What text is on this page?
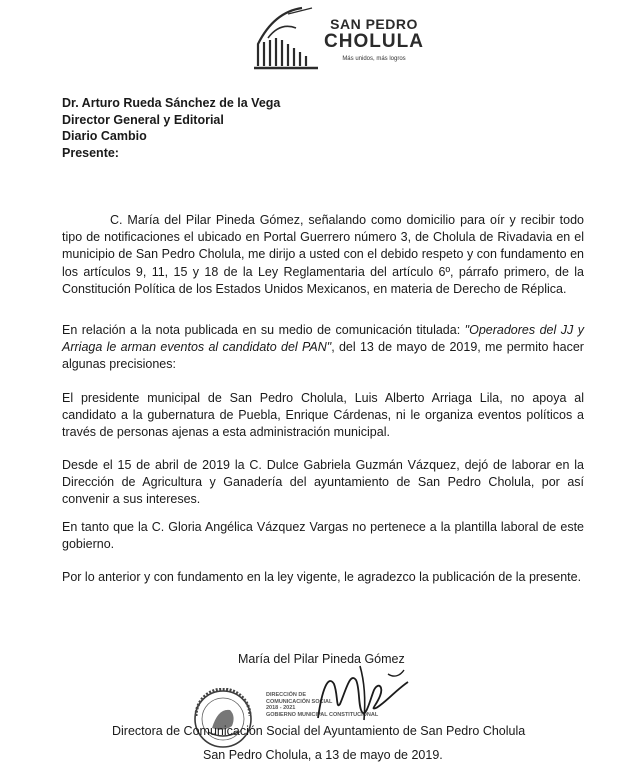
SAN PEDRO
CHOLULA
Más unidos, más logros
Dr. Arturo Rueda Sánchez de la Vega
Director General y Editorial
Diario Cambio
Presente:

C. María del Pilar Pineda Gómez, señalando como domicilio para oír y recibir todo tipo de notificaciones el ubicado en Portal Guerrero número 3, de Cholula de Rivadavia en el municipio de San Pedro Cholula, me dirijo a usted con el debido respeto y con fundamento en los artículos 9, 11, 15 y 18 de la Ley Reglamentaria del artículo 6º, párrafo primero, de la Constitución Política de los Estados Unidos Mexicanos, en materia de Derecho de Réplica.

En relación a la nota publicada en su medio de comunicación titulada: "Operadores del JJ y Arriaga le arman eventos al candidato del PAN", del 13 de mayo de 2019, me permito hacer algunas precisiones:

El presidente municipal de San Pedro Cholula, Luis Alberto Arriaga Lila, no apoya al candidato a la gubernatura de Puebla, Enrique Cárdenas, ni le organiza eventos políticos a través de personas ajenas a esta administración municipal.

Desde el 15 de abril de 2019 la C. Dulce Gabriela Guzmán Vázquez, dejó de laborar en la Dirección de Agricultura y Ganadería del ayuntamiento de San Pedro Cholula, por así convenir a sus intereses.

En tanto que la C. Gloria Angélica Vázquez Vargas no pertenece a la plantilla laboral de este gobierno.

Por lo anterior y con fundamento en la ley vigente, le agradezco la publicación de la presente.

DIRECCIÓN DE
COMUNICACIÓN SOCIAL
2018 - 2021
GOBIERNO MUNICIPAL CONSTITUCIONAL
María del Pilar Pineda Gómez
Directora de Comunicación Social del Ayuntamiento de San Pedro Cholula
San Pedro Cholula, a 13 de mayo de 2019.
